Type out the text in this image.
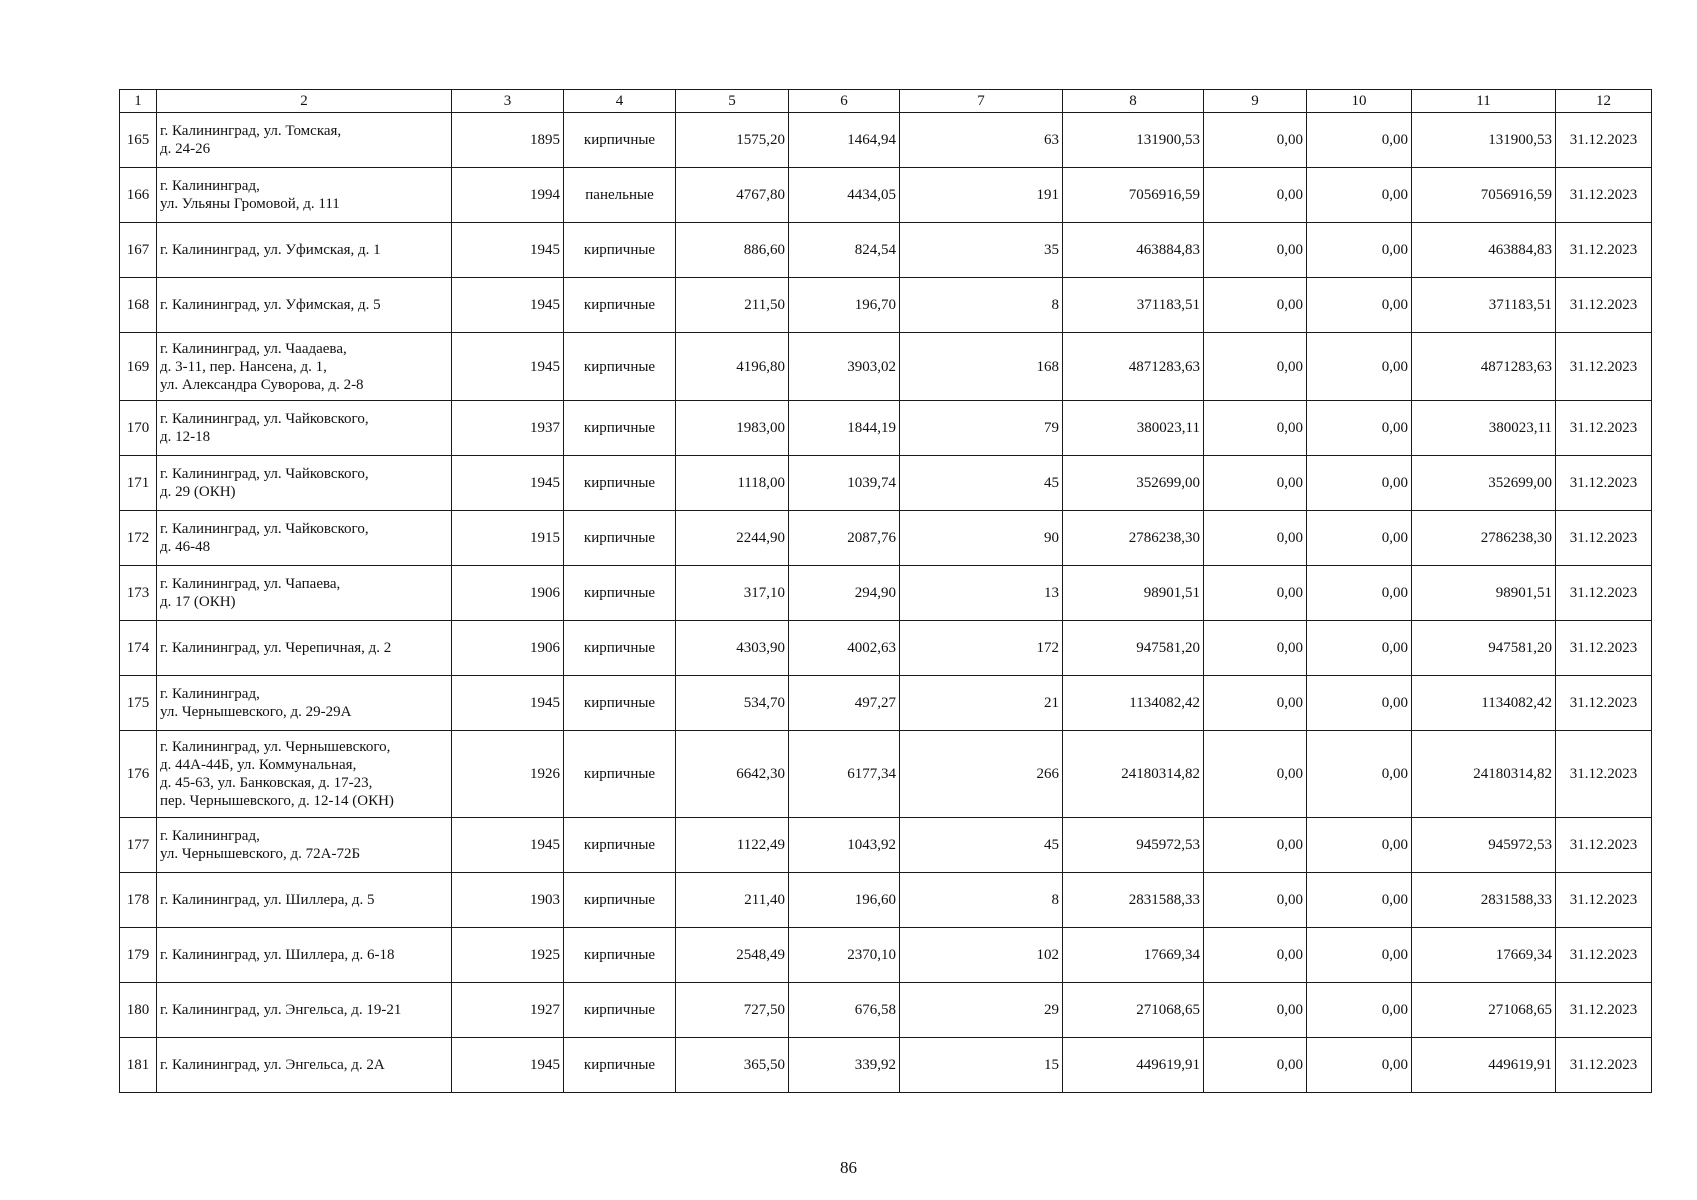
1	2	3	4	5	6	7	8	9	10	11	12
165	г. Калининград, ул. Томская,
д. 24-26	1895	кирпичные	1575,20	1464,94	63	131900,53	0,00	0,00	131900,53	31.12.2023
166	г. Калининград,
ул. Ульяны Громовой, д. 111	1994	панельные	4767,80	4434,05	191	7056916,59	0,00	0,00	7056916,59	31.12.2023
167	г. Калининград, ул. Уфимская, д. 1	1945	кирпичные	886,60	824,54	35	463884,83	0,00	0,00	463884,83	31.12.2023
168	г. Калининград, ул. Уфимская, д. 5	1945	кирпичные	211,50	196,70	8	371183,51	0,00	0,00	371183,51	31.12.2023
169	г. Калининград, ул. Чаадаева,
д. 3-11, пер. Нансена, д. 1,
ул. Александра Суворова, д. 2-8	1945	кирпичные	4196,80	3903,02	168	4871283,63	0,00	0,00	4871283,63	31.12.2023
170	г. Калининград, ул. Чайковского,
д. 12-18	1937	кирпичные	1983,00	1844,19	79	380023,11	0,00	0,00	380023,11	31.12.2023
171	г. Калининград, ул. Чайковского,
д. 29 (ОКН)	1945	кирпичные	1118,00	1039,74	45	352699,00	0,00	0,00	352699,00	31.12.2023
172	г. Калининград, ул. Чайковского,
д. 46-48	1915	кирпичные	2244,90	2087,76	90	2786238,30	0,00	0,00	2786238,30	31.12.2023
173	г. Калининград, ул. Чапаева,
д. 17 (ОКН)	1906	кирпичные	317,10	294,90	13	98901,51	0,00	0,00	98901,51	31.12.2023
174	г. Калининград, ул. Черепичная, д. 2	1906	кирпичные	4303,90	4002,63	172	947581,20	0,00	0,00	947581,20	31.12.2023
175	г. Калининград,
ул. Чернышевского, д. 29-29А	1945	кирпичные	534,70	497,27	21	1134082,42	0,00	0,00	1134082,42	31.12.2023
176	г. Калининград, ул. Чернышевского,
д. 44А-44Б, ул. Коммунальная,
д. 45-63, ул. Банковская, д. 17-23,
пер. Чернышевского, д. 12-14 (ОКН)	1926	кирпичные	6642,30	6177,34	266	24180314,82	0,00	0,00	24180314,82	31.12.2023
177	г. Калининград,
ул. Чернышевского, д. 72А-72Б	1945	кирпичные	1122,49	1043,92	45	945972,53	0,00	0,00	945972,53	31.12.2023
178	г. Калининград, ул. Шиллера, д. 5	1903	кирпичные	211,40	196,60	8	2831588,33	0,00	0,00	2831588,33	31.12.2023
179	г. Калининград, ул. Шиллера, д. 6-18	1925	кирпичные	2548,49	2370,10	102	17669,34	0,00	0,00	17669,34	31.12.2023
180	г. Калининград, ул. Энгельса, д. 19-21	1927	кирпичные	727,50	676,58	29	271068,65	0,00	0,00	271068,65	31.12.2023
181	г. Калининград, ул. Энгельса, д. 2А	1945	кирпичные	365,50	339,92	15	449619,91	0,00	0,00	449619,91	31.12.2023
86
